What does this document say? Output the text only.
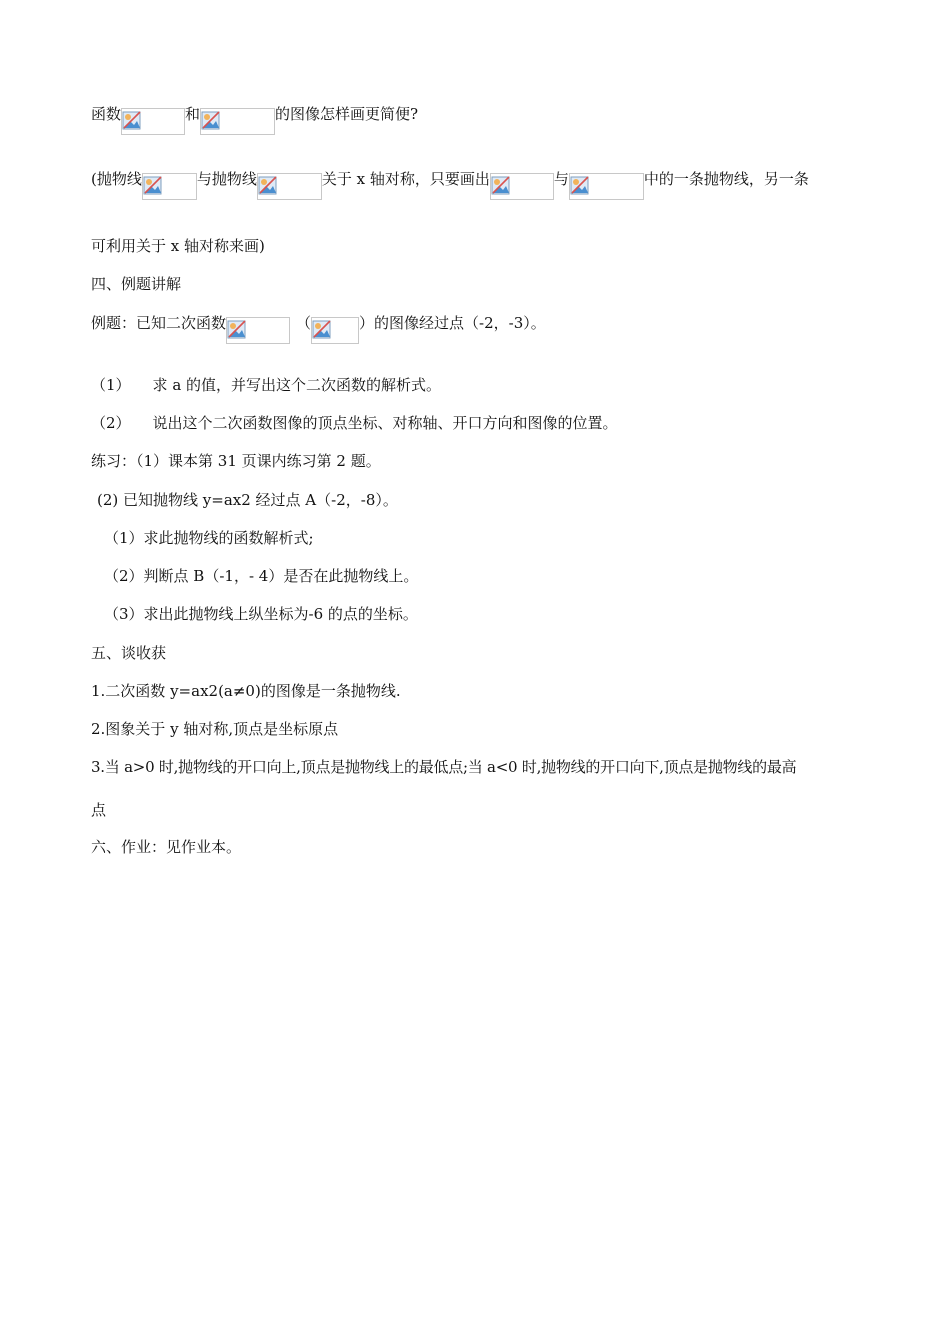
函数	和	的图像怎样画更简便?
(抛物线	与抛物线	关于 x 轴对称，只要画出	与	中的一条抛物线，另一条
可利用关于 x 轴对称来画)
四、例题讲解
例题：已知二次函数	（	）的图像经过点（-2，-3）。
（1） 求 a 的值，并写出这个二次函数的解析式。
（2） 说出这个二次函数图像的顶点坐标、对称轴、开口方向和图像的位置。
练习：（1）课本第 31 页课内练习第 2 题。
(2) 已知抛物线 y=ax2 经过点 A（-2，-8）。
（1）求此抛物线的函数解析式;
（2）判断点 B（-1，- 4）是否在此抛物线上。
（3）求出此抛物线上纵坐标为-6 的点的坐标。
五、谈收获
1.二次函数 y=ax2(a≠0)的图像是一条抛物线.
2.图象关于 y 轴对称,顶点是坐标原点
3.当 a>0 时,抛物线的开口向上,顶点是抛物线上的最低点;当 a<0 时,抛物线的开口向下,顶点是抛物线的最高
点
六、作业：见作业本。
